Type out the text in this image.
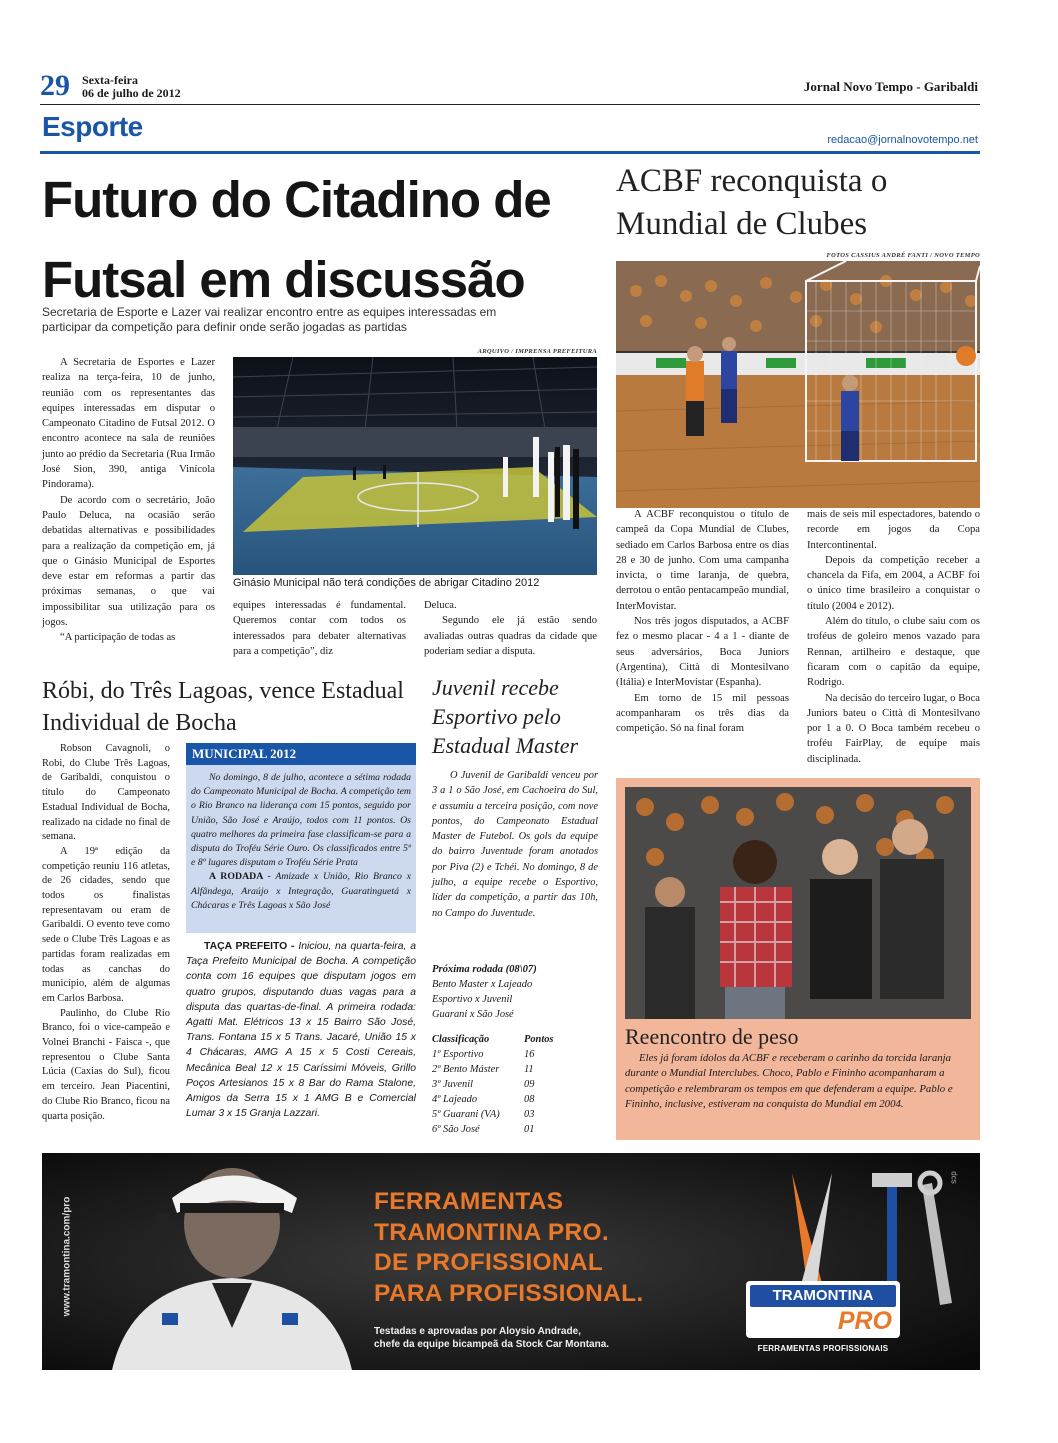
29 Sexta-feira
06 de julho de 2012	Jornal Novo Tempo - Garibaldi
Esporte	redacao@jornalnovotempo.net
Futuro do Citadino de Futsal em discussão
Secretaria de Esporte e Lazer vai realizar encontro entre as equipes interessadas em participar da competição para definir onde serão jogadas as partidas

A Secretaria de Esportes e Lazer realiza na terça-feira, 10 de junho, reunião com os representantes das equipes interessadas em disputar o Campeonato Citadino de Futsal 2012. O encontro acontece na sala de reuniões junto ao prédio da Secretaria (Rua Irmão José Sion, 390, antiga Vinícola Pindorama).

De acordo com o secretário, João Paulo Deluca, na ocasião serão debatidas alternativas e possibilidades para a realização da competição em, já que o Ginásio Municipal de Esportes deve estar em reformas a partir das próximas semanas, o que vai impossibilitar sua utilização para os jogos.

“A participação de todas as

ARQUIVO / IMPRENSA PREFEITURA
Ginásio Municipal não terá condições de abrigar Citadino 2012

equipes interessadas é fundamental. Queremos contar com todos os interessados para debater alternativas para a competição”, diz

Deluca.

Segundo ele já estão sendo avaliadas outras quadras da cidade que poderiam sediar a disputa.

ACBF reconquista o Mundial de Clubes
FOTOS CASSIUS ANDRÉ FANTI / NOVO TEMPO

A ACBF reconquistou o título de campeã da Copa Mundial de Clubes, sediado em Carlos Barbosa entre os dias 28 e 30 de junho. Com uma campanha invicta, o time laranja, de quebra, derrotou o então pentacampeão mundial, InterMovistar.

Nos três jogos disputados, a ACBF fez o mesmo placar - 4 a 1 - diante de seus adversários, Boca Juniors (Argentina), Città di Montesilvano (Itália) e InterMovistar (Espanha).

Em torno de 15 mil pessoas acompanharam os três dias da competição. Só na final foram

mais de seis mil espectadores, batendo o recorde em jogos da Copa Intercontinental.

Depois da competição receber a chancela da Fifa, em 2004, a ACBF foi o único time brasileiro a conquistar o título (2004 e 2012).

Além do título, o clube saiu com os troféus de goleiro menos vazado para Rennan, artilheiro e destaque, que ficaram com o capitão da equipe, Rodrigo.

Na decisão do terceiro lugar, o Boca Juniors bateu o Città di Montesilvano por 1 a 0. O Boca também recebeu o troféu FairPlay, de equipe mais disciplinada.

Reencontro de peso
Eles já foram ídolos da ACBF e receberam o carinho da torcida laranja durante o Mundial Interclubes. Choco, Pablo e Fininho acompanharam a competição e relembraram os tempos em que defenderam a equipe. Pablo e Fininho, inclusive, estiveram na conquista do Mundial em 2004.
Róbi, do Três Lagoas, vence Estadual Individual de Bocha

Robson Cavagnoli, o Robi, do Clube Três Lagoas, de Garibaldi, conquistou o título do Campeonato Estadual Individual de Bocha, realizado na cidade no final de semana.

A 19ª edição da competição reuniu 116 atletas, de 26 cidades, sendo que todos os finalistas representavam ou eram de Garibaldi. O evento teve como sede o Clube Três Lagoas e as partidas foram realizadas em todas as canchas do município, além de algumas em Carlos Barbosa.

Paulinho, do Clube Rio Branco, foi o vice-campeão e Volnei Branchi - Faisca -, que representou o Clube Santa Lúcia (Caxias do Sul), ficou em terceiro. Jean Piacentini, do Clube Rio Branco, ficou na quarta posição.

MUNICIPAL 2012
No domingo, 8 de julho, acontece a sétima rodada do Campeonato Municipal de Bocha. A competição tem o Rio Branco na liderança com 15 pontos, seguido por União, São José e Araújo, todos com 11 pontos. Os quatro melhores da primeira fase classificam-se para a disputa do Troféu Série Ouro. Os classificados entre 5º e 8º lugares disputam o Troféu Série Prata
A RODADA - Amizade x União, Rio Branco x Alfândega, Araújo x Integração, Guaratinguetá x Chácaras e Três Lagoas x São José
TAÇA PREFEITO - Iniciou, na quarta-feira, a Taça Prefeito Municipal de Bocha. A competição conta com 16 equipes que disputam jogos em quatro grupos, disputando duas vagas para a disputa das quartas-de-final. A primeira rodada: Agatti Mat. Elétricos 13 x 15 Bairro São José, Trans. Fontana 15 x 5 Trans. Jacaré, União 15 x 4 Chácaras, AMG A 15 x 5 Costi Cereais, Mecânica Beal 12 x 15 Caríssimi Móveis, Grillo Poços Artesianos 15 x 8 Bar do Rama Stalone, Amigos da Serra 15 x 1 AMG B e Comercial Lumar 3 x 15 Granja Lazzari.
Juvenil recebe Esportivo pelo Estadual Master
O Juvenil de Garibaldi venceu por 3 a 1 o São José, em Cachoeira do Sul, e assumiu a terceira posição, com nove pontos, do Campeonato Estadual Master de Futebol. Os gols da equipe do bairro Juventude foram anotados por Piva (2) e Tchéi. No domingo, 8 de julho, a equipe recebe o Esportivo, líder da competição, a partir das 10h, no Campo do Juventude.
Próxima rodada (08\07)
Bento Master x Lajeado
Esportivo x Juvenil
Guarani x São José
Classificação	Pontos
1º Esportivo	16
2º Bento Máster	11
3º Juvenil	09
4º Lajeado	08
5º Guarani (VA)	03
6º São José	01
www.tramontina.com/pro	FERRAMENTAS
TRAMONTINA PRO.
DE PROFISSIONAL
PARA PROFISSIONAL.
Testadas e aprovadas por Aloysio Andrade,
chefe da equipe bicampeã da Stock Car Montana.
TRAMONTINA
PRO
FERRAMENTAS PROFISSIONAIS
dcs
